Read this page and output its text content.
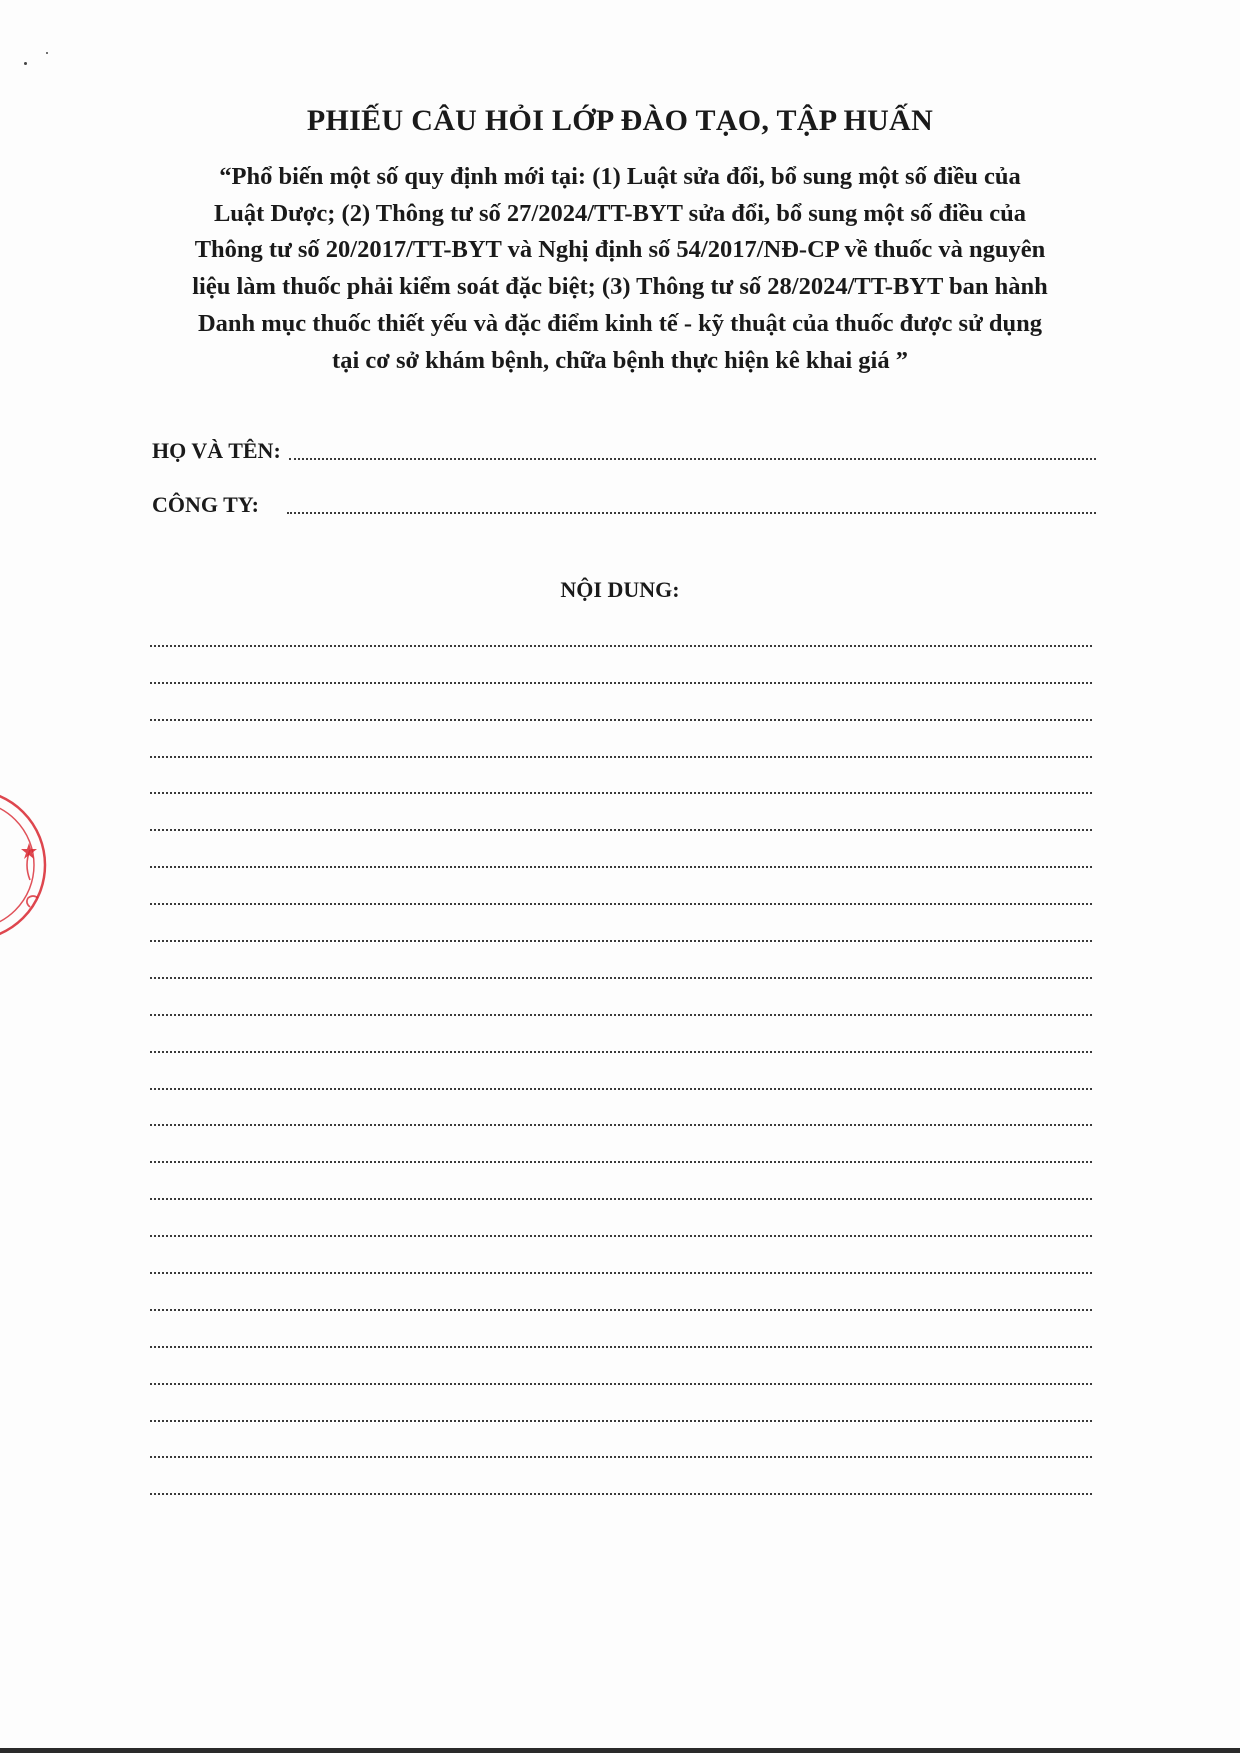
PHIẾU CÂU HỎI LỚP ĐÀO TẠO, TẬP HUẤN
“Phổ biến một số quy định mới tại: (1) Luật sửa đổi, bổ sung một số điều của
Luật Dược; (2) Thông tư số 27/2024/TT-BYT sửa đổi, bổ sung một số điều của
Thông tư số 20/2017/TT-BYT và Nghị định số 54/2017/NĐ-CP về thuốc và nguyên
liệu làm thuốc phải kiểm soát đặc biệt; (3) Thông tư số 28/2024/TT-BYT ban hành
Danh mục thuốc thiết yếu và đặc điểm kinh tế - kỹ thuật của thuốc được sử dụng
tại cơ sở khám bệnh, chữa bệnh thực hiện kê khai giá ”
HỌ VÀ TÊN:
CÔNG TY:
NỘI DUNG:
